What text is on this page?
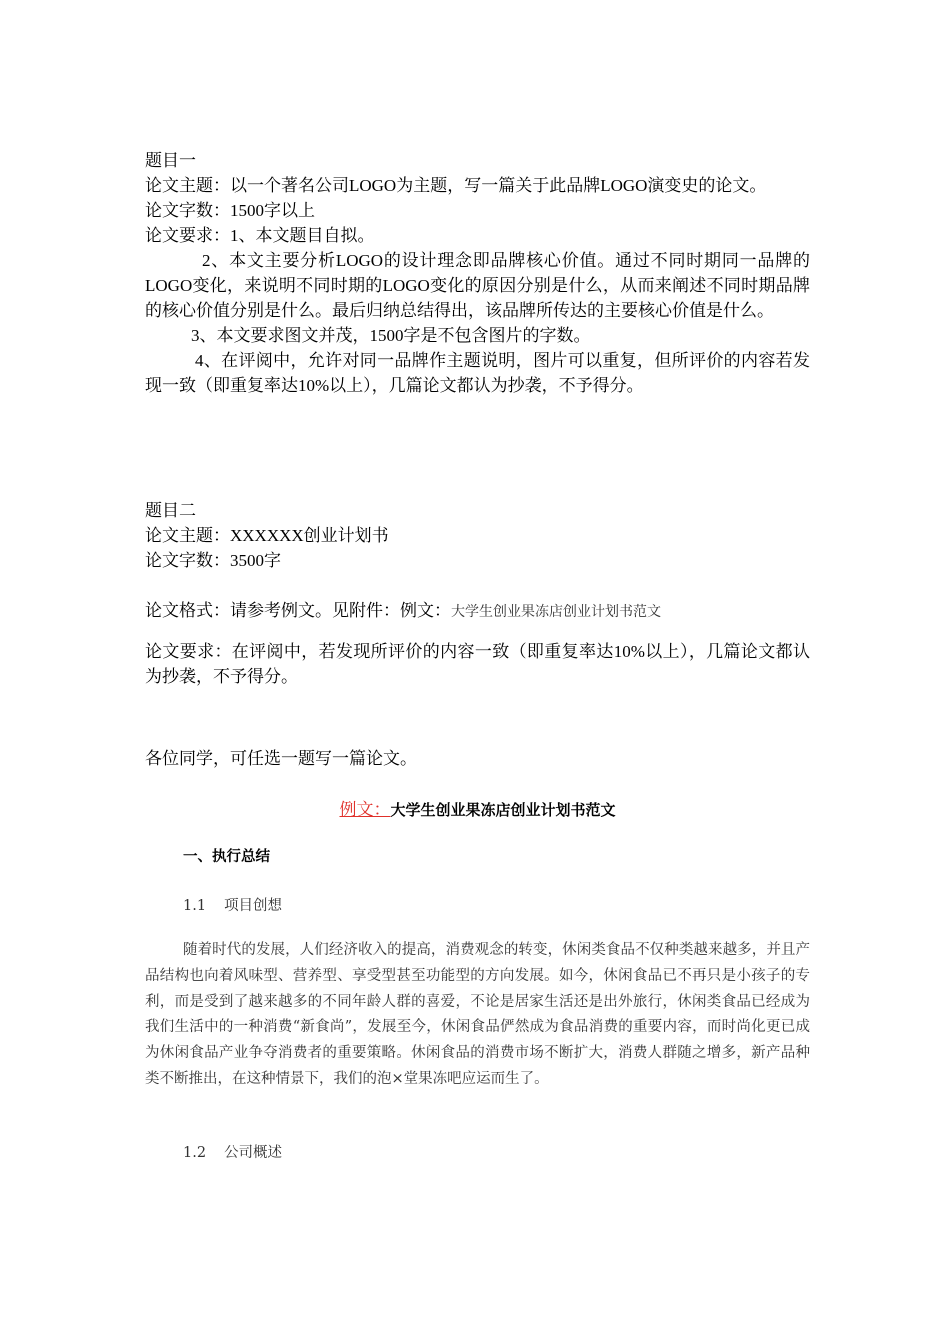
题目一

论文主题：以一个著名公司LOGO为主题，写一篇关于此品牌LOGO演变史的论文。

论文字数：1500字以上

论文要求：1、本文题目自拟。

2、本文主要分析LOGO的设计理念即品牌核心价值。通过不同时期同一品牌的LOGO变化，来说明不同时期的LOGO变化的原因分别是什么，从而来阐述不同时期品牌的核心价值分别是什么。最后归纳总结得出，该品牌所传达的主要核心价值是什么。

3、本文要求图文并茂，1500字是不包含图片的字数。

4、在评阅中，允许对同一品牌作主题说明，图片可以重复，但所评价的内容若发现一致（即重复率达10%以上），几篇论文都认为抄袭，不予得分。

题目二

论文主题：XXXXXX创业计划书

论文字数：3500字

论文格式：请参考例文。见附件：例文：大学生创业果冻店创业计划书范文

论文要求：在评阅中，若发现所评价的内容一致（即重复率达10%以上），几篇论文都认为抄袭，不予得分。

各位同学，可任选一题写一篇论文。

例文：大学生创业果冻店创业计划书范文
一、执行总结
1.1 项目创想

随着时代的发展，人们经济收入的提高，消费观念的转变，休闲类食品不仅种类越来越多，并且产品结构也向着风味型、营养型、享受型甚至功能型的方向发展。如今，休闲食品已不再只是小孩子的专利，而是受到了越来越多的不同年龄人群的喜爱，不论是居家生活还是出外旅行，休闲类食品已经成为我们生活中的一种消费“新食尚”，发展至今，休闲食品俨然成为食品消费的重要内容，而时尚化更已成为休闲食品产业争夺消费者的重要策略。休闲食品的消费市场不断扩大，消费人群随之增多，新产品种类不断推出，在这种情景下，我们的泡×堂果冻吧应运而生了。

1.2 公司概述
